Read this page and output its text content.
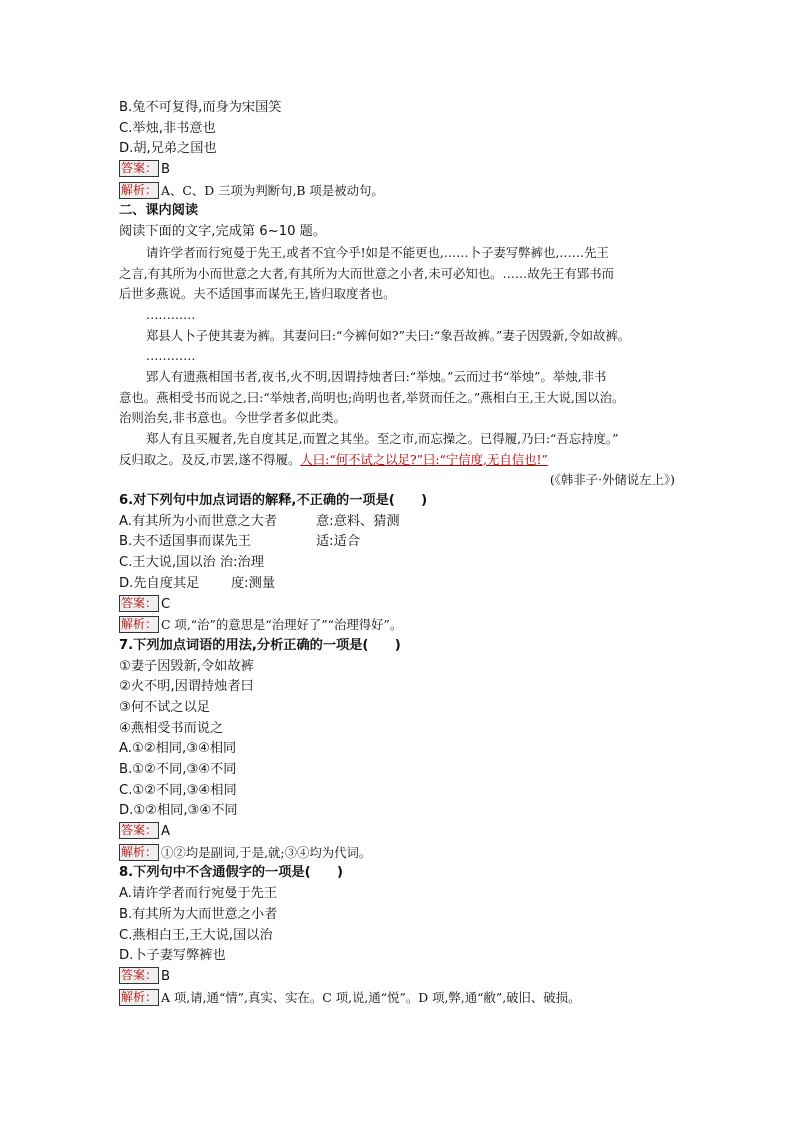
B.兔不可复得,而身为宋国笑
C.举烛,非书意也
D.胡,兄弟之国也
答案： B
解析： A、C、D 三项为判断句,B 项是被动句。
二、课内阅读
阅读下面的文字,完成第 6~10 题。
请许学者而行宛曼于先王,或者不宜今乎!如是不能更也,……卜子妻写弊裤也,……先王
之言,有其所为小而世意之大者,有其所为大而世意之小者,未可必知也。……故先王有郢书而
后世多燕说。夫不适国事而谋先王,皆归取度者也。
…………
郑县人卜子使其妻为裤。其妻问曰:“今裤何如?”夫曰:“象吾故裤。”妻子因毁新,令如故裤。
…………
郢人有遗燕相国书者,夜书,火不明,因谓持烛者曰:“举烛。”云而过书“举烛”。举烛,非书
意也。燕相受书而说之,曰:“举烛者,尚明也;尚明也者,举贤而任之。”燕相白王,王大说,国以治。
治则治矣,非书意也。今世学者多似此类。
郑人有且买履者,先自度其足,而置之其坐。至之市,而忘操之。已得履,乃曰:“吾忘持度。”
反归取之。及反,市罢,遂不得履。人曰:“何不试之以足?”曰:“宁信度,无自信也!”
(《韩非子·外储说左上》)
6.对下列句中加点词语的解释,不正确的一项是(　　)
A.有其所为小而世意之大者	意:意料、猜测
B.夫不适国事而谋先王	适:适合
C.王大说,国以治 治:治理
D.先自度其足 度:测量
答案： C
解析： C 项,“治”的意思是“治理好了”“治理得好”。
7.下列加点词语的用法,分析正确的一项是(　　)
①妻子因毁新,令如故裤
②火不明,因谓持烛者曰
③何不试之以足
④燕相受书而说之
A.①②相同,③④相同
B.①②不同,③④不同
C.①②不同,③④相同
D.①②相同,③④不同
答案： A
解析： ①②均是副词,于是,就;③④均为代词。
8.下列句中不含通假字的一项是(　　)
A.请许学者而行宛曼于先王
B.有其所为大而世意之小者
C.燕相白王,王大说,国以治
D.卜子妻写弊裤也
答案： B
解析： A 项,请,通“情”,真实、实在。C 项,说,通“悦”。D 项,弊,通“敝”,破旧、破损。
